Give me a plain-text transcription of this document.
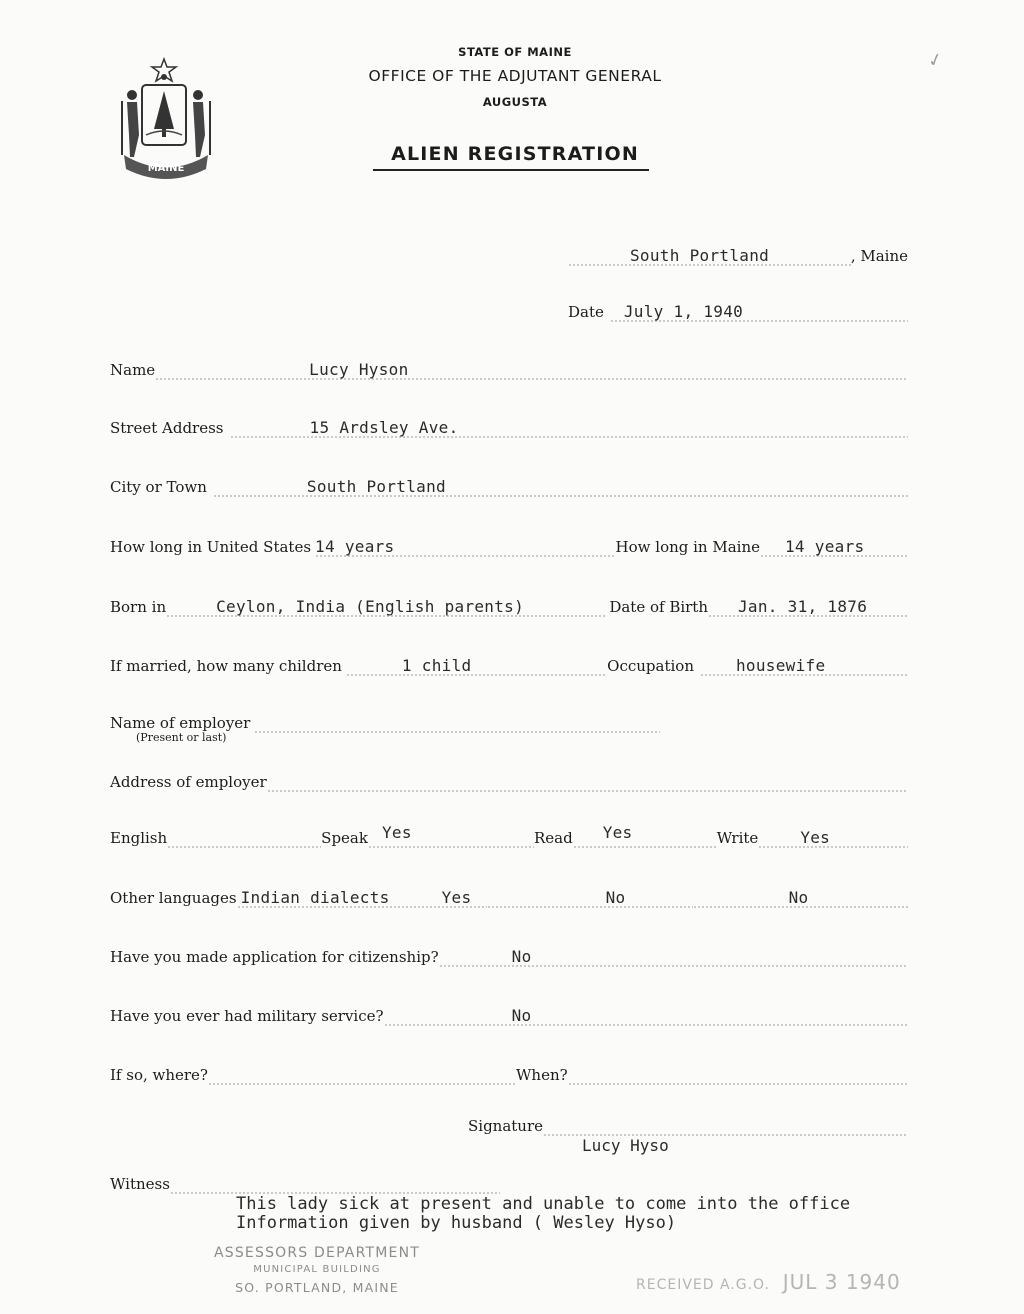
MAINE
✓
STATE OF MAINE
OFFICE OF THE ADJUTANT GENERAL
AUGUSTA
ALIEN REGISTRATION
South Portland	, Maine
Date July 1, 1940
Name	Lucy Hyson
Street Address	15 Ardsley Ave.
City or Town	South Portland
How long in United States 14 years	How long in Maine 14 years
Born in	Ceylon, India (English parents)	Date of Birth Jan. 31, 1876
If married, how many children	1 child	Occupation	housewife
Name of employer
(Present or last)
Address of employer
English	Speak Yes	Read Yes	Write	Yes
Other languages Indian dialects	Yes	No	No
Have you made application for citizenship?	No
Have you ever had military service?	No
If so, where?	When?
Signature
Lucy Hyso
Witness
This lady sick at present and unable to come into the office
Information given by husband ( Wesley Hyso)
ASSESSORS DEPARTMENT
MUNICIPAL BUILDING
SO. PORTLAND, MAINE	RECEIVED A.G.O. JUL 3 1940
